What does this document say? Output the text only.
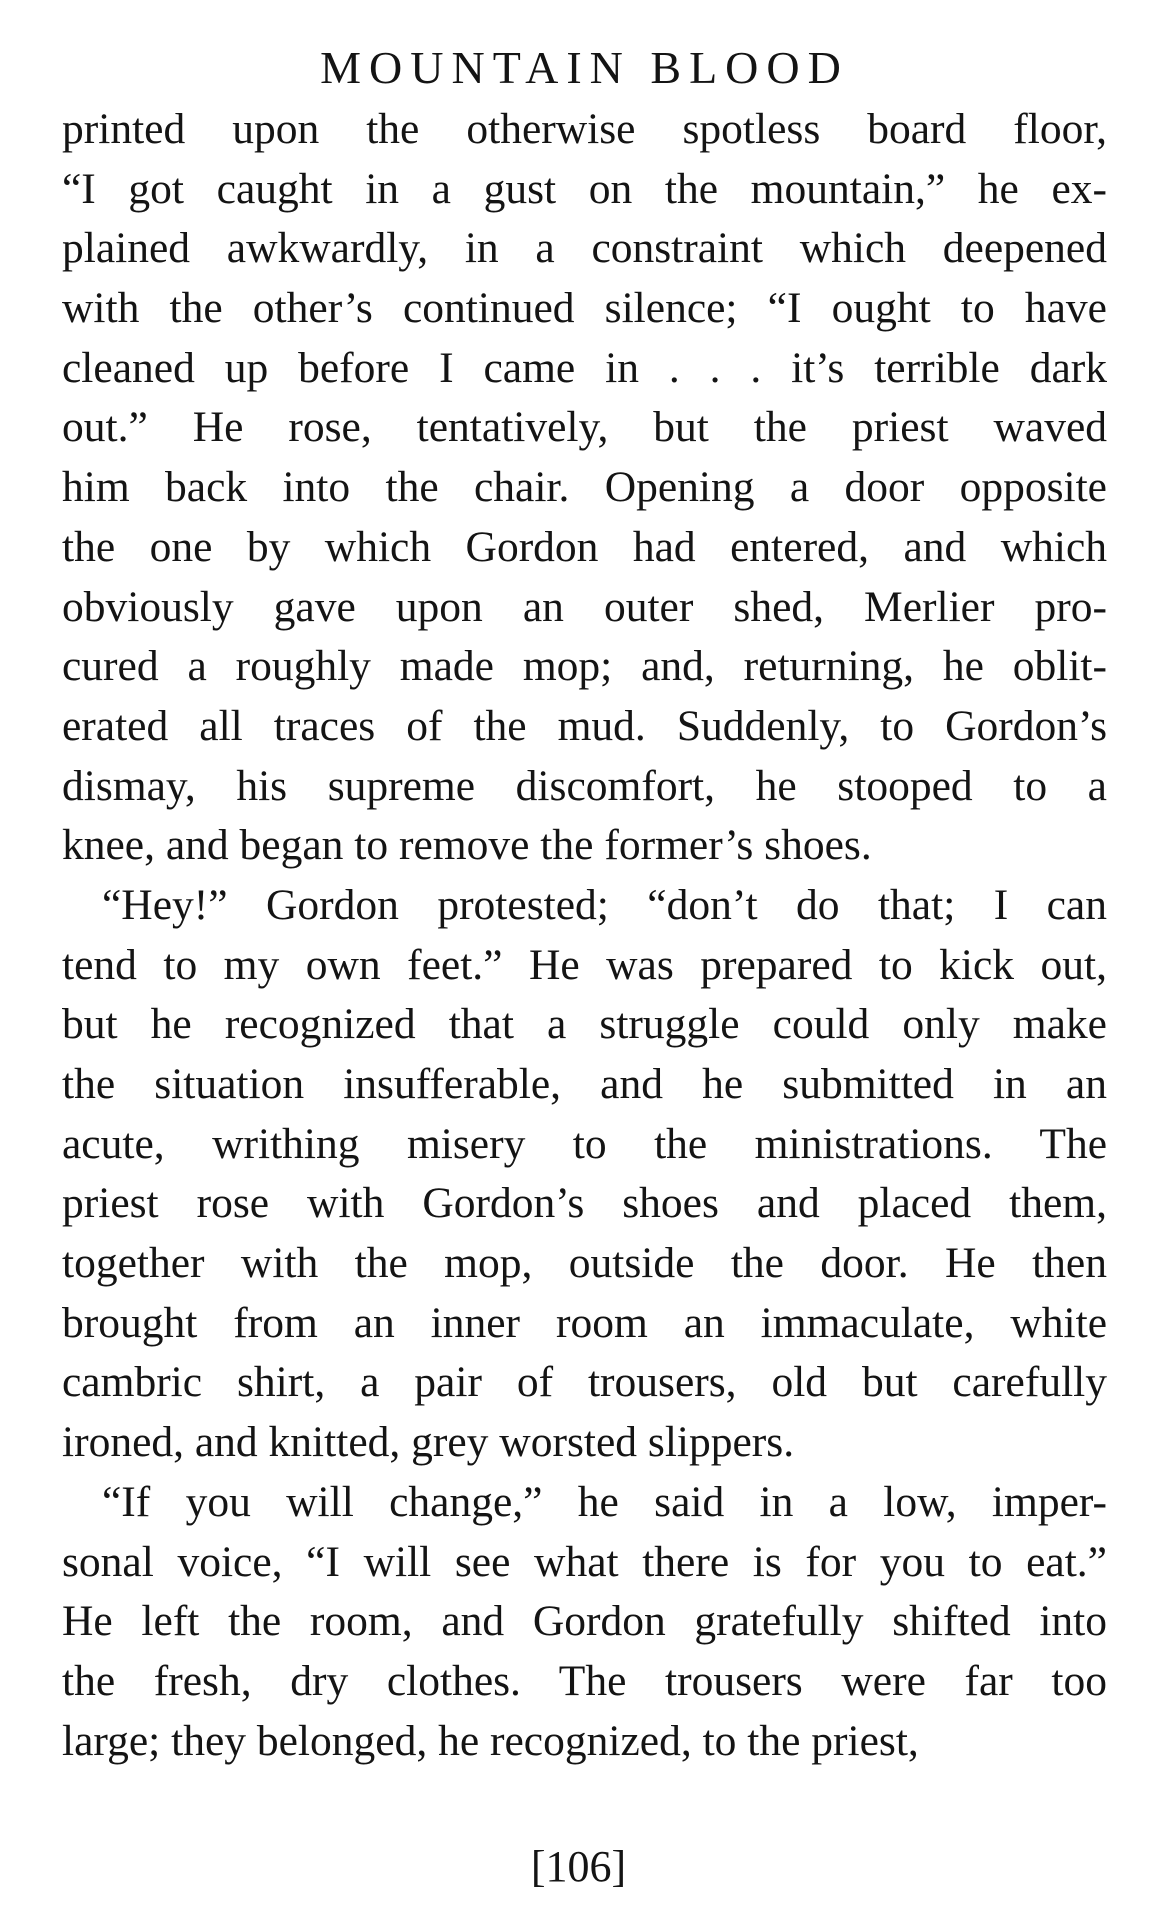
MOUNTAIN BLOOD
printed upon the otherwise spotless board floor,
“I got caught in a gust on the mountain,” he ex-
plained awkwardly, in a constraint which deepened
with the other’s continued silence; “I ought to have
cleaned up before I came in . . . it’s terrible dark
out.” He rose, tentatively, but the priest waved
him back into the chair. Opening a door opposite
the one by which Gordon had entered, and which
obviously gave upon an outer shed, Merlier pro-
cured a roughly made mop; and, returning, he oblit-
erated all traces of the mud. Suddenly, to Gordon’s
dismay, his supreme discomfort, he stooped to a
knee, and began to remove the former’s shoes.
“Hey!” Gordon protested; “don’t do that; I can
tend to my own feet.” He was prepared to kick out,
but he recognized that a struggle could only make
the situation insufferable, and he submitted in an
acute, writhing misery to the ministrations. The
priest rose with Gordon’s shoes and placed them,
together with the mop, outside the door. He then
brought from an inner room an immaculate, white
cambric shirt, a pair of trousers, old but carefully
ironed, and knitted, grey worsted slippers.
“If you will change,” he said in a low, imper-
sonal voice, “I will see what there is for you to eat.”
He left the room, and Gordon gratefully shifted into
the fresh, dry clothes. The trousers were far too
large; they belonged, he recognized, to the priest,
[106]
